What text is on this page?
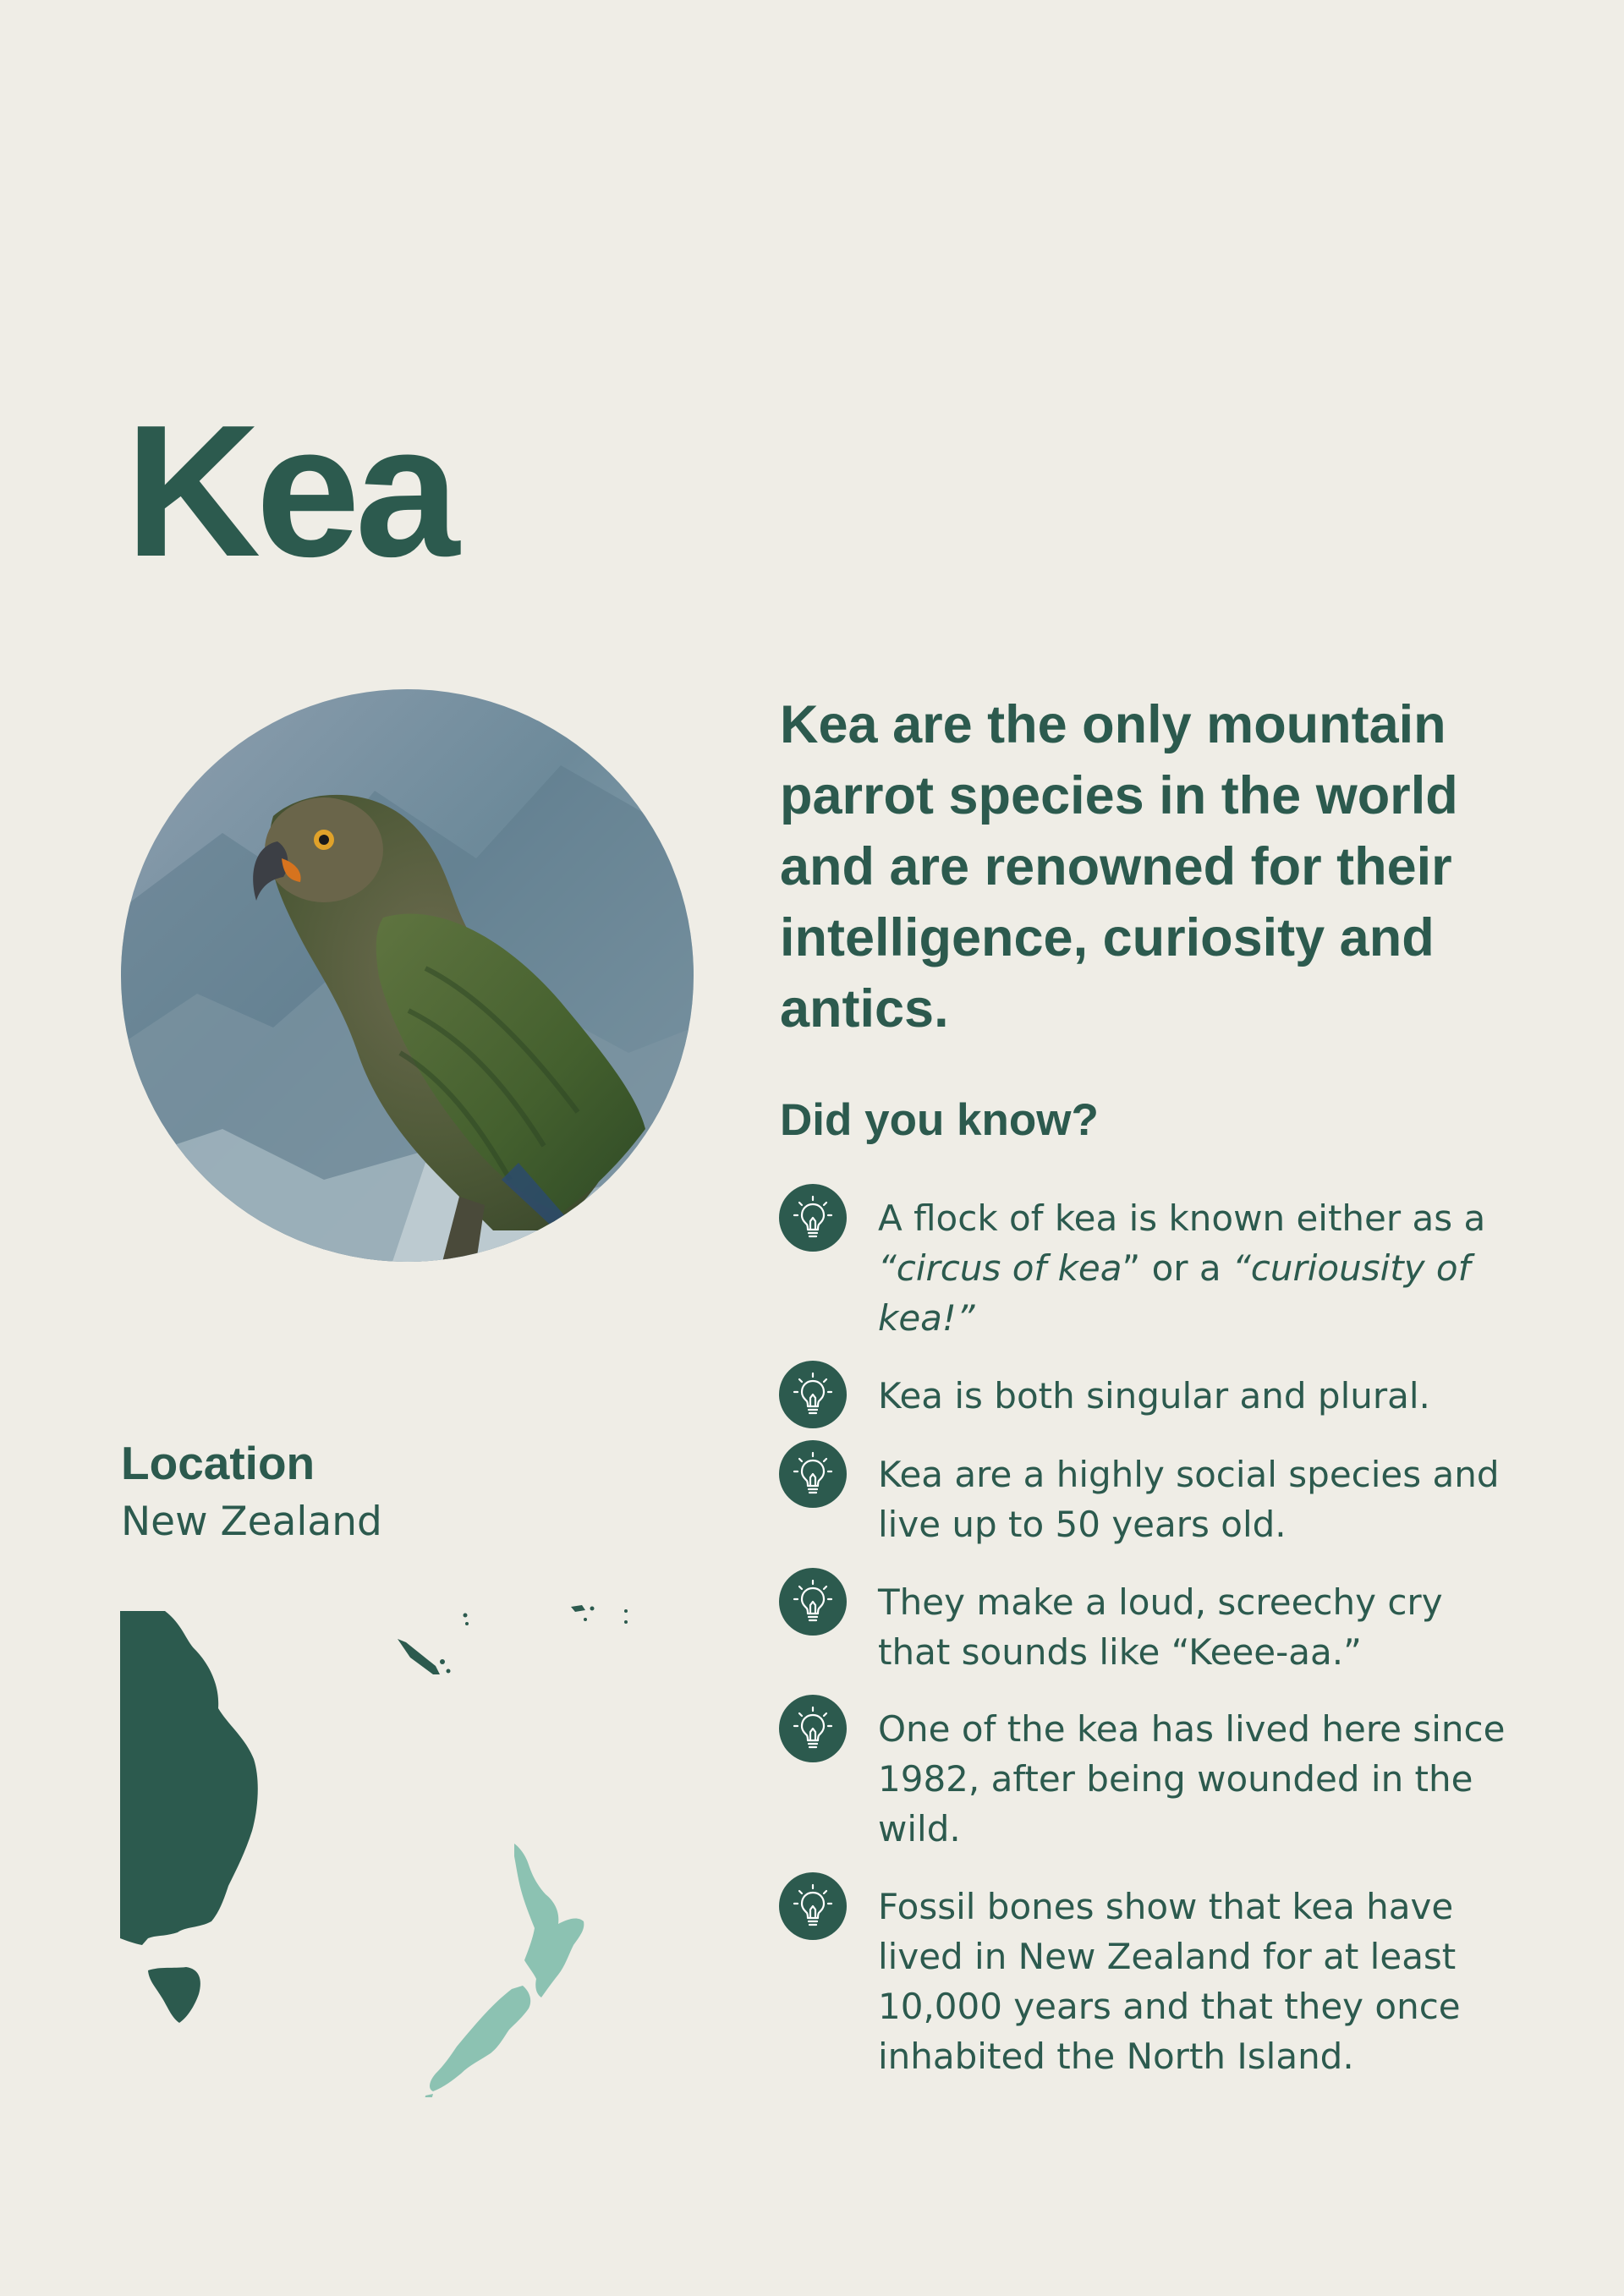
Kea

Kea are the only mountain parrot species in the world and are renowned for their intelligence, curiosity and antics.

Did you know?
A flock of kea is known either as a “circus of kea” or a “curiousity of kea!”
Kea is both singular and plural.
Kea are a highly social species and live up to 50 years old.
They make a loud, screechy cry that sounds like “Keee-aa.”
One of the kea has lived here since 1982, after being wounded in the wild.
Fossil bones show that kea have lived in New Zealand for at least 10,000 years and that they once inhabited the North Island.
Location
New Zealand
